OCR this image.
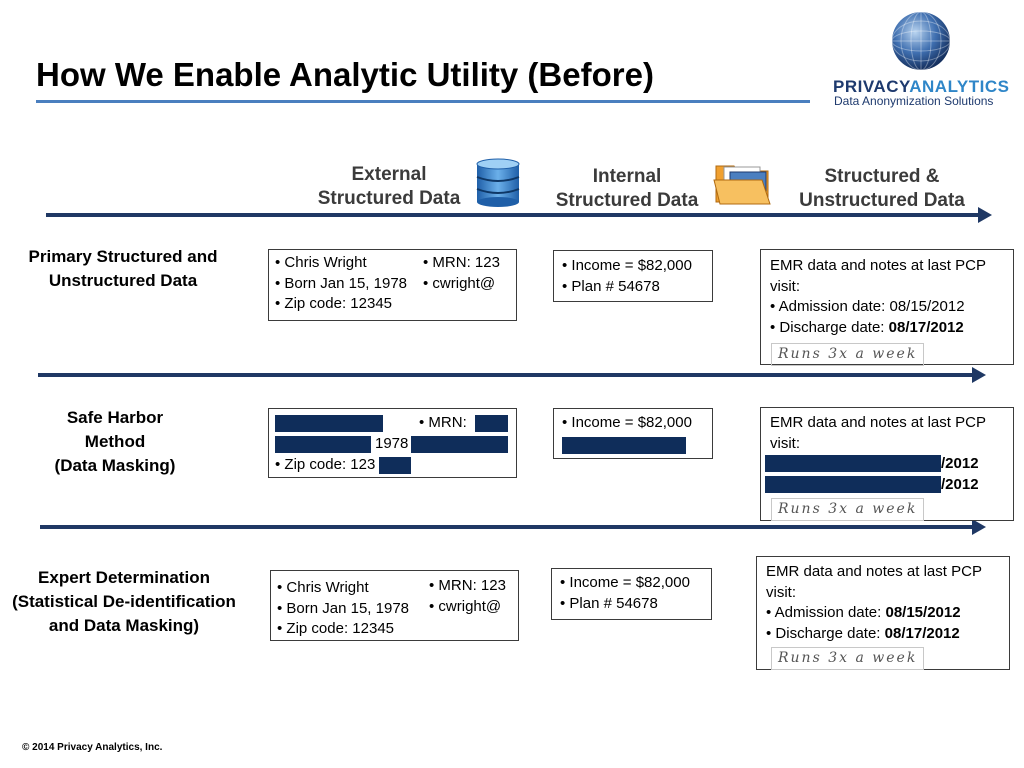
How We Enable Analytic Utility (Before)	PRIVACYANALYTICS
Data Anonymization Solutions
External
Structured Data
Internal
Structured Data
Structured &
Unstructured Data
Primary Structured and
Unstructured Data
• Chris Wright
• Born Jan 15, 1978
• Zip code: 12345
• MRN: 123
• cwright@
• Income = $82,000
• Plan # 54678
EMR data and notes at last PCP
visit:
• Admission date: 08/15/2012
• Discharge date: 08/17/2012
Runs 3x a week
Safe Harbor
Method
(Data Masking)
• MRN:
1978
• Zip code: 123
• Income = $82,000	EMR data and notes at last PCP
visit:
/2012
/2012
Runs 3x a week
Expert Determination
(Statistical De-identification
and Data Masking)
• Chris Wright
• Born Jan 15, 1978
• Zip code: 12345
• MRN: 123
• cwright@
• Income = $82,000
• Plan # 54678
EMR data and notes at last PCP
visit:
• Admission date: 08/15/2012
• Discharge date: 08/17/2012
Runs 3x a week
© 2014 Privacy Analytics, Inc.
